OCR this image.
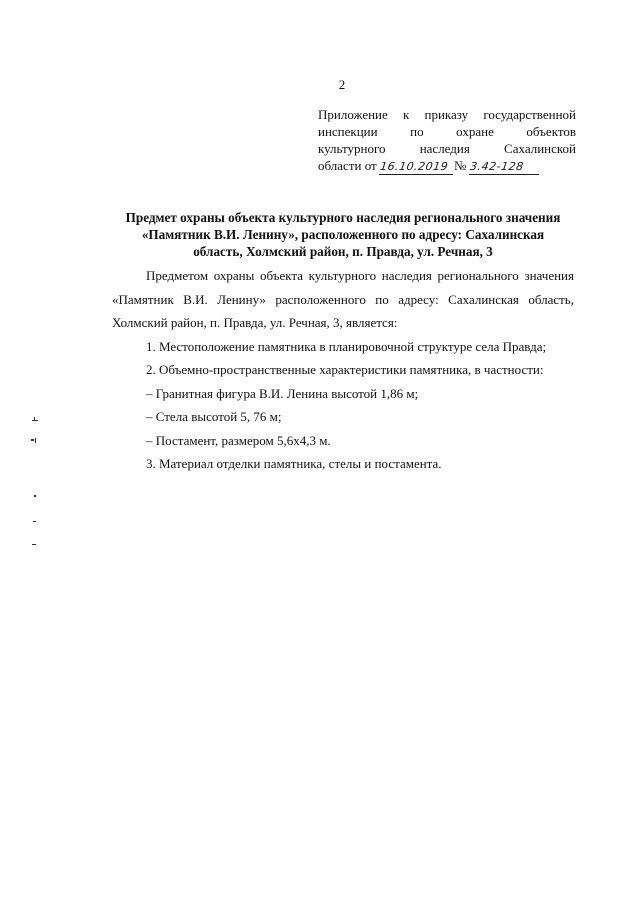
2
Приложение к приказу государственной
инспекции по охране объектов
культурного наследия Сахалинской
области от 16.10.2019 № 3.42-128
Предмет охраны объекта культурного наследия регионального значения
«Памятник В.И. Ленину», расположенного по адресу: Сахалинская
область, Холмский район, п. Правда, ул. Речная, 3

Предметом охраны объекта культурного наследия регионального значения «Памятник В.И. Ленину» расположенного по адресу: Сахалинская область, Холмский район, п. Правда, ул. Речная, 3, является:

1. Местоположение памятника в планировочной структуре села Правда;

2. Объемно-пространственные характеристики памятника, в частности:

– Гранитная фигура В.И. Ленина высотой 1,86 м;

– Стела высотой 5, 76 м;

– Постамент, размером 5,6х4,3 м.

3. Материал отделки памятника, стелы и постамента.
